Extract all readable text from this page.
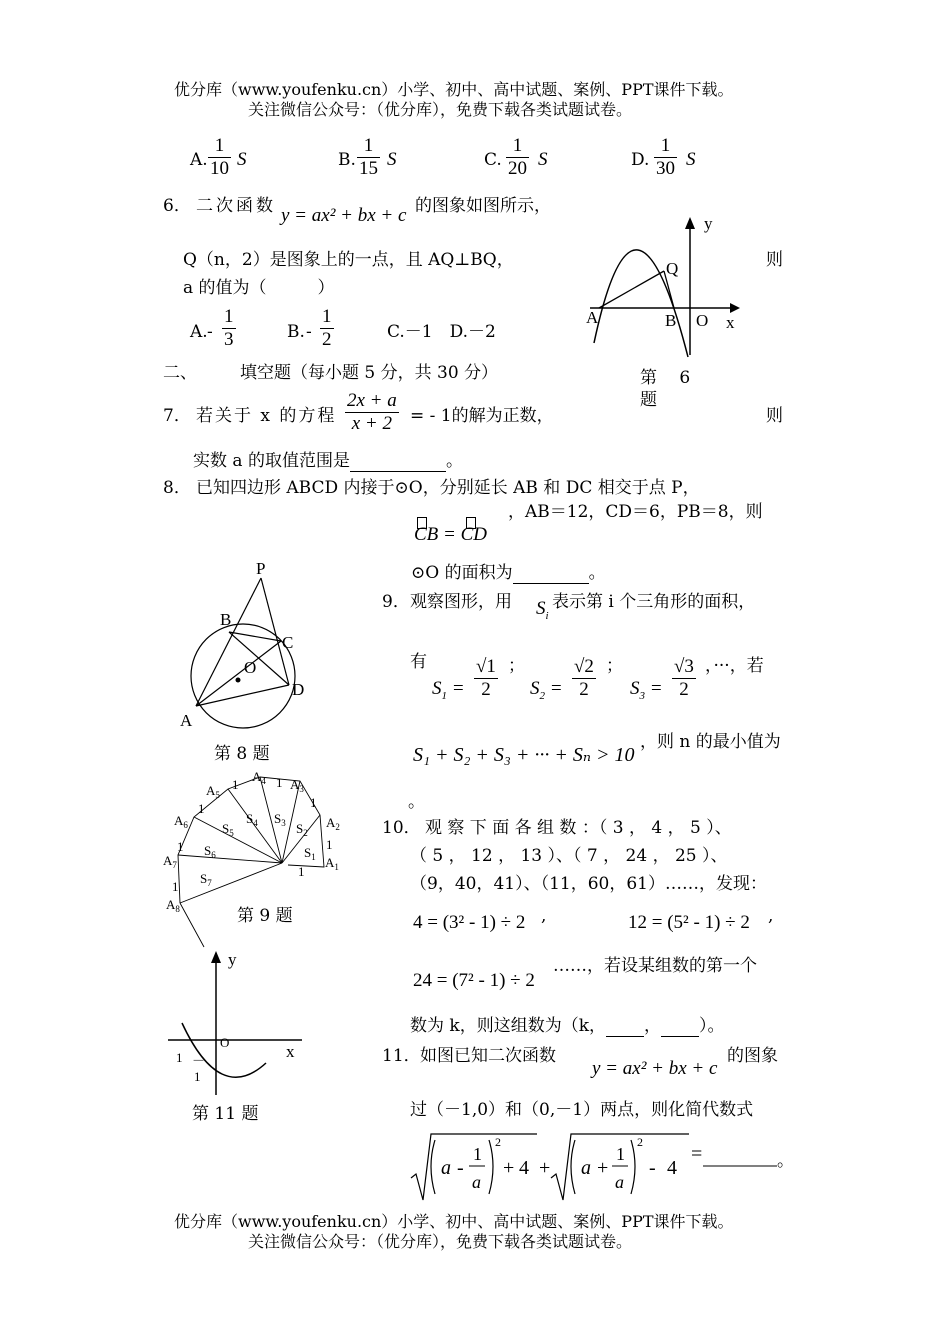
优分库（www.youfenku.cn）小学、初中、高中试题、案例、PPT课件下载。
关注微信公众号：（优分库），免费下载各类试题试卷。
A. $\frac{1}{10}$ S	B. $\frac{1}{15}$ S	C. $\frac{1}{20}$ S	D. $\frac{1}{30}$ S
6． 二次函数 y = ax² + bx + c 的图象如图所示，
Q（n，2）是图象上的一点，且 AQ⊥BQ，	则
a 的值为（　　　）
A. - $\frac{1}{3}$	B. - $\frac{1}{2}$	C.－1　D.－2
y
x
Q
A	B O
第　 6
题
二、	填空题（每小题 5 分，共 30 分）
7． 若关于 x 的方程 $\frac{2x + a}{x + 2}$ = - 1的解为正数，	则
实数 a 的取值范围是	。
8． 已知四边形 ABCD 内接于⊙O，分别延长 AB 和 DC 相交于点 P，
CB = CD
，AB＝12，CD＝6，PB＝8，则
⊙O 的面积为	。
P
B
C
O
D
A
第 8 题
9． 观察图形，用 $S_i$
表示第 i 个三角形的面积，
有
$S_1 = \frac{√1}{2}$ ；
$S_2 = \frac{√2}{2}$ ；
$S_3 = \frac{√3}{2}$ ，···，若
S₁ + S₂ + S₃ + ··· + Sₙ > 10
，则 n 的最小值为
。
$A_1$
$A_2$
$A_3$
$A_4$
$A_5$
$A_6$
$A_7$
$A_8$
1
1
1
1
1
1
1
1
$S_1$
$S_2$
$S_3$
$S_4$
$S_5$
$S_6$
$S_7$
第 9 题
10． 观 察 下 面 各 组 数 ：（ 3 ， 4 ， 5 ）、
（ 5 ， 12 ， 13 ）、（ 7 ， 24 ， 25 ）、
（9，40，41）、（11，60，61）……，发现：
4 = (3² - 1) ÷ 2 ,	12 = (5² - 1) ÷ 2 ,
24 = (7² - 1) ÷ 2
……，若设某组数的第一个
数为 k，则这组数为（k， ， ）。
11． 如图已知二次函数
y = ax² + bx + c
的图象
过（－1,0）和（0,－1）两点，则化简代数式
a -
1
a
2
+ 4 + a +
1
a
2
- 4
=	。
y
x
O
－
1 －
1
第 11 题
优分库（www.youfenku.cn）小学、初中、高中试题、案例、PPT课件下载。
关注微信公众号：（优分库），免费下载各类试题试卷。
